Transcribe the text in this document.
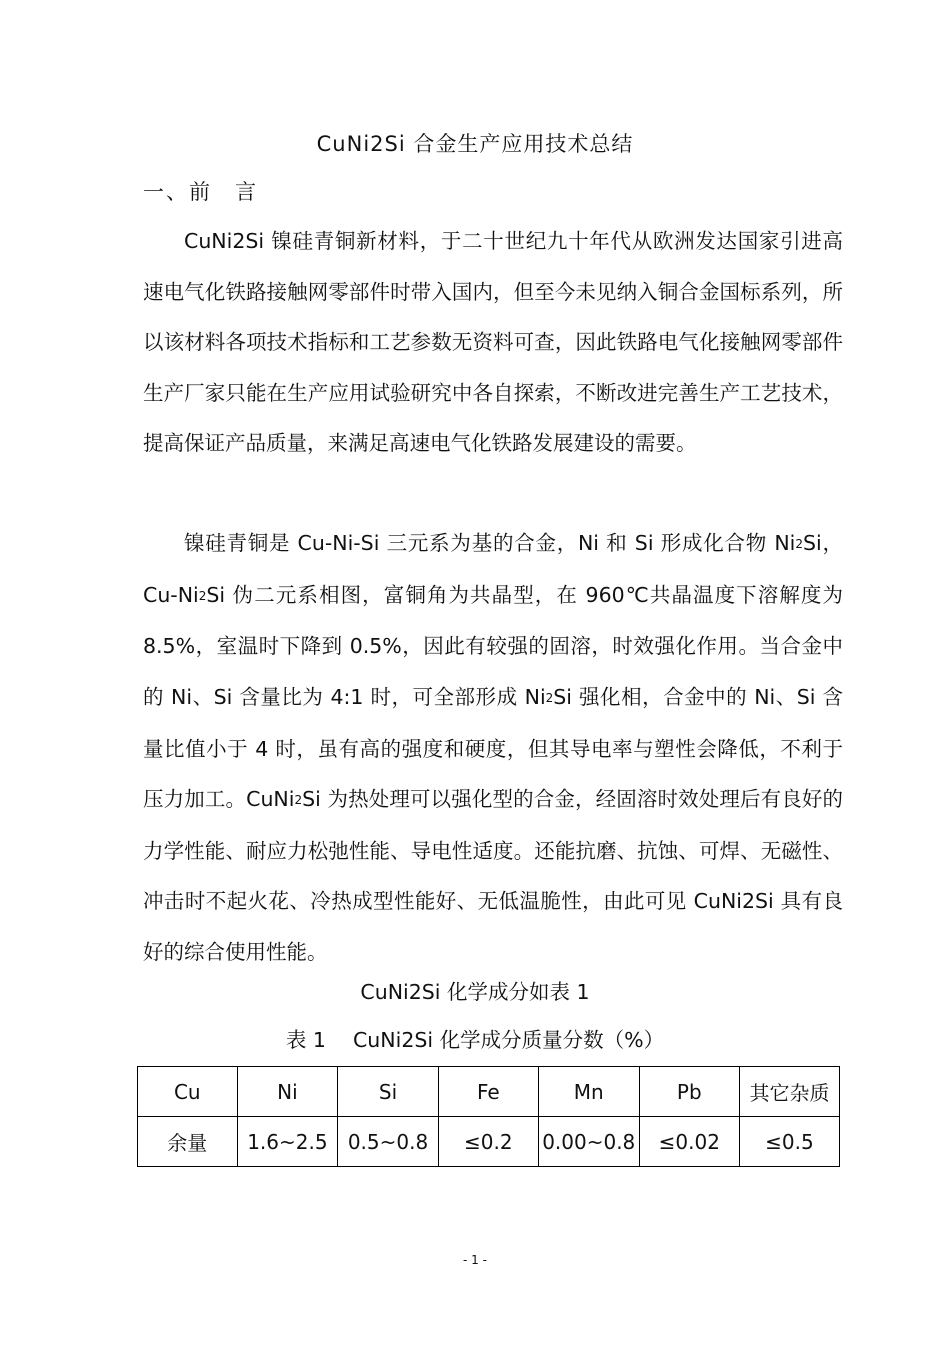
CuNi2Si 合金生产应用技术总结
一、前　言

CuNi2Si 镍硅青铜新材料，于二十世纪九十年代从欧洲发达国家引进高速电气化铁路接触网零部件时带入国内，但至今未见纳入铜合金国标系列，所以该材料各项技术指标和工艺参数无资料可查，因此铁路电气化接触网零部件生产厂家只能在生产应用试验研究中各自探索，不断改进完善生产工艺技术，提高保证产品质量，来满足高速电气化铁路发展建设的需要。

镍硅青铜是 Cu-Ni-Si 三元系为基的合金，Ni 和 Si 形成化合物 $Ni_2Si$，$Cu-Ni_2Si$ 伪二元系相图，富铜角为共晶型，在 960℃共晶温度下溶解度为 8.5%，室温时下降到 0.5%，因此有较强的固溶，时效强化作用。当合金中的 Ni、Si 含量比为 4:1 时，可全部形成 $Ni_2Si$ 强化相，合金中的 Ni、Si 含量比值小于 4 时，虽有高的强度和硬度，但其导电率与塑性会降低，不利于压力加工。CuNi$_2$Si 为热处理可以强化型的合金，经固溶时效处理后有良好的力学性能、耐应力松弛性能、导电性适度。还能抗磨、抗蚀、可焊、无磁性、冲击时不起火花、冷热成型性能好、无低温脆性，由此可见 CuNi2Si 具有良好的综合使用性能。

CuNi2Si 化学成分如表 1
表 1　 CuNi2Si 化学成分质量分数（%）
Cu	Ni	Si	Fe	Mn	Pb	其它杂质
余量	1.6~2.5	0.5~0.8	≤0.2	0.00~0.8	≤0.02	≤0.5
- 1 -
